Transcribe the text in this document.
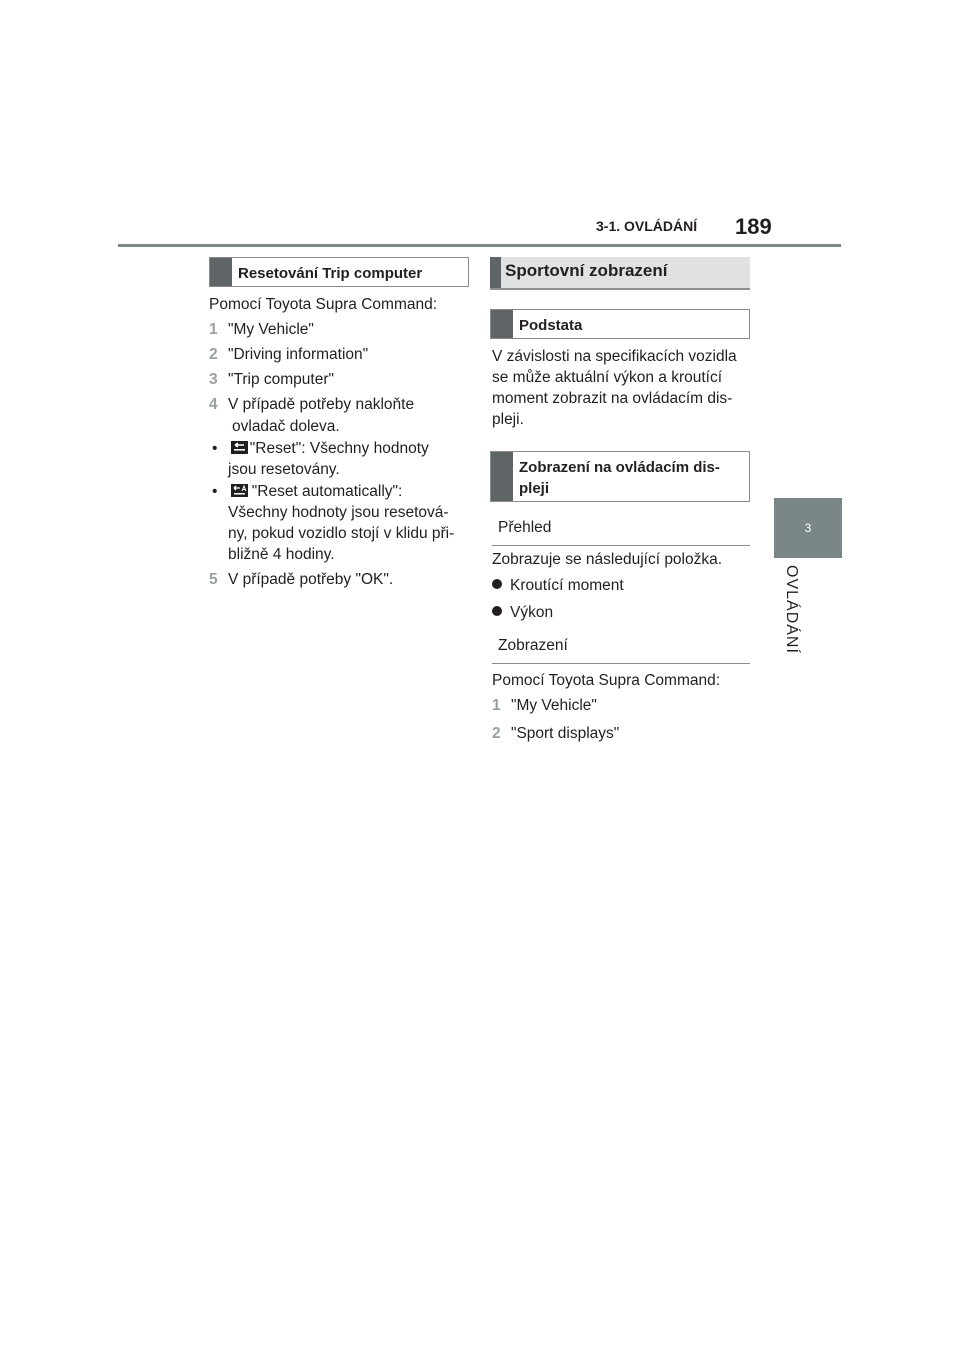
3-1. OVLÁDÁNÍ 189
3
OVLÁDÁNÍ
Resetování Trip computer
Pomocí Toyota Supra Command:
1 "My Vehicle"
2 "Driving information"
3 "Trip computer"
4 V případě potřeby nakloňte
ovladač doleva.
• "Reset": Všechny hodnoty
jsou resetovány.
• "Reset automatically":
Všechny hodnoty jsou resetová-
ny, pokud vozidlo stojí v klidu při-
bližně 4 hodiny.
5 V případě potřeby "OK".
Sportovní zobrazení
Podstata
V závislosti na specifikacích vozidla
se může aktuální výkon a kroutící
moment zobrazit na ovládacím dis-
pleji.
Zobrazení na ovládacím dis-
pleji
Přehled
Zobrazuje se následující položka.
Kroutící moment
Výkon
Zobrazení
Pomocí Toyota Supra Command:
1 "My Vehicle"
2 "Sport displays"
